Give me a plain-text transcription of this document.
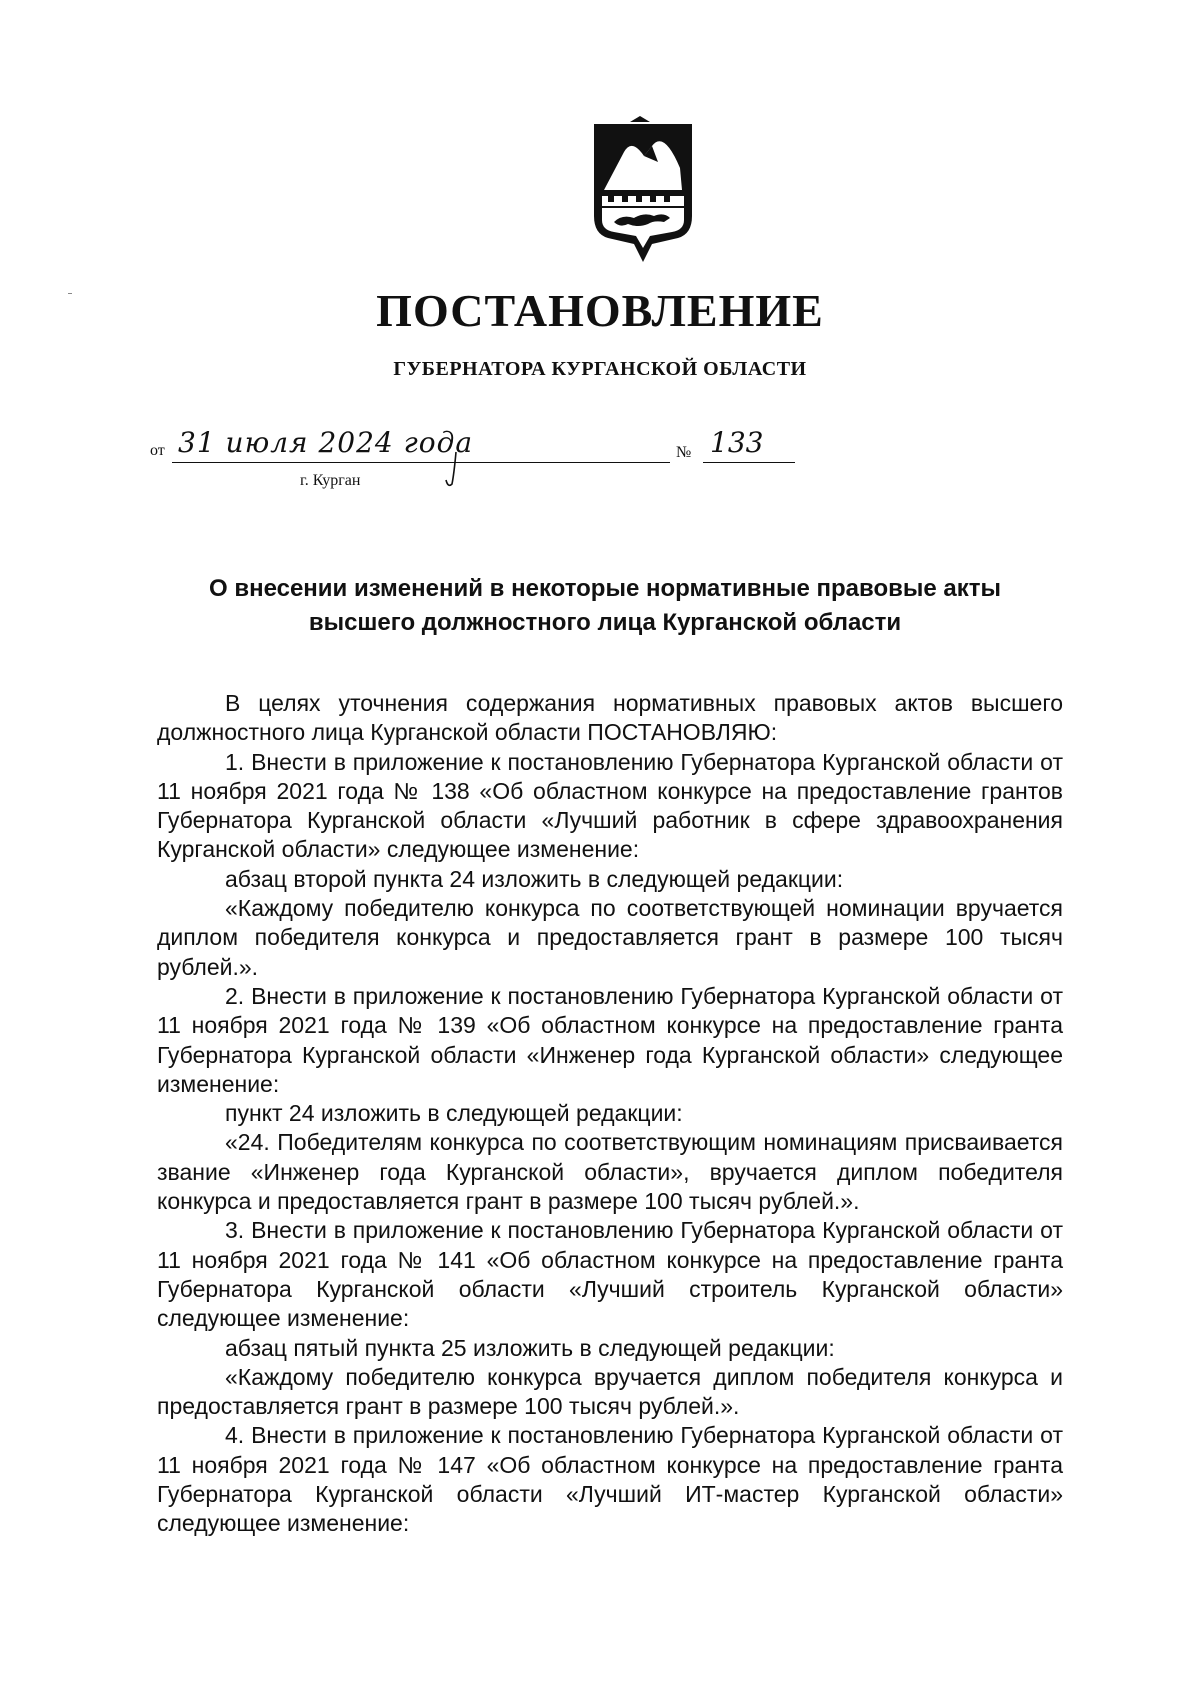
ПОСТАНОВЛЕНИЕ
ГУБЕРНАТОРА КУРГАНСКОЙ ОБЛАСТИ
от 31 июля 2024 года	№ 133
г. Курган
О внесении изменений в некоторые нормативные правовые акты высшего должностного лица Курганской области

В целях уточнения содержания нормативных правовых актов высшего должностного лица Курганской области ПОСТАНОВЛЯЮ:

1. Внести в приложение к постановлению Губернатора Курганской области от 11 ноября 2021 года № 138 «Об областном конкурсе на предоставление грантов Губернатора Курганской области «Лучший работник в сфере здравоохранения Курганской области» следующее изменение:

абзац второй пункта 24 изложить в следующей редакции:

«Каждому победителю конкурса по соответствующей номинации вручается диплом победителя конкурса и предоставляется грант в размере 100 тысяч рублей.».

2. Внести в приложение к постановлению Губернатора Курганской области от 11 ноября 2021 года № 139 «Об областном конкурсе на предоставление гранта Губернатора Курганской области «Инженер года Курганской области» следующее изменение:

пункт 24 изложить в следующей редакции:

«24. Победителям конкурса по соответствующим номинациям присваивается звание «Инженер года Курганской области», вручается диплом победителя конкурса и предоставляется грант в размере 100 тысяч рублей.».

3. Внести в приложение к постановлению Губернатора Курганской области от 11 ноября 2021 года № 141 «Об областном конкурсе на предоставление гранта Губернатора Курганской области «Лучший строитель Курганской области» следующее изменение:

абзац пятый пункта 25 изложить в следующей редакции:

«Каждому победителю конкурса вручается диплом победителя конкурса и предоставляется грант в размере 100 тысяч рублей.».

4. Внести в приложение к постановлению Губернатора Курганской области от 11 ноября 2021 года № 147 «Об областном конкурсе на предоставление гранта Губернатора Курганской области «Лучший ИТ-мастер Курганской области» следующее изменение:
